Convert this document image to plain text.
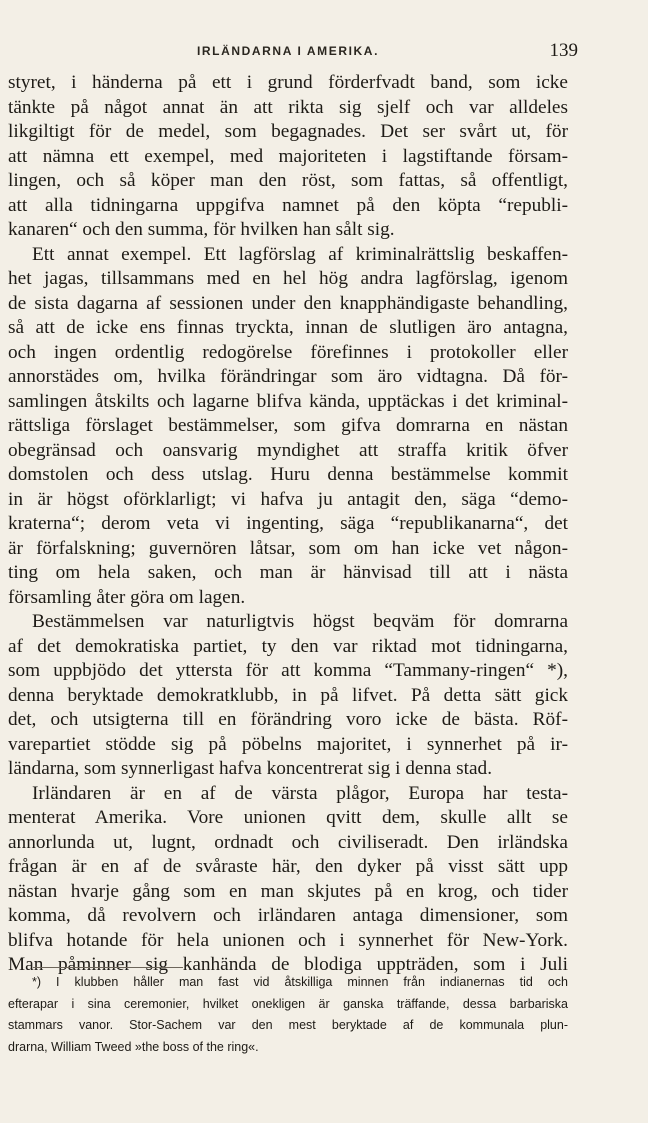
IRLÄNDARNA I AMERIKA.	139
styret, i händerna på ett i grund förderfvadt band, som icke
tänkte på något annat än att rikta sig sjelf och var alldeles
likgiltigt för de medel, som begagnades. Det ser svårt ut, för
att nämna ett exempel, med majoriteten i lagstiftande försam-
lingen, och så köper man den röst, som fattas, så offentligt,
att alla tidningarna uppgifva namnet på den köpta “republi-
kanaren“ och den summa, för hvilken han sålt sig.
Ett annat exempel. Ett lagförslag af kriminalrättslig beskaffen-
het jagas, tillsammans med en hel hög andra lagförslag, igenom
de sista dagarna af sessionen under den knapphändigaste behandling,
så att de icke ens finnas tryckta, innan de slutligen äro antagna,
och ingen ordentlig redogörelse förefinnes i protokoller eller
annorstädes om, hvilka förändringar som äro vidtagna. Då för-
samlingen åtskilts och lagarne blifva kända, upptäckas i det kriminal-
rättsliga förslaget bestämmelser, som gifva domrarna en nästan
obegränsad och oansvarig myndighet att straffa kritik öfver
domstolen och dess utslag. Huru denna bestämmelse kommit
in är högst oförklarligt; vi hafva ju antagit den, säga “demo-
kraterna“; derom veta vi ingenting, säga “republikanarna“, det
är förfalskning; guvernören låtsar, som om han icke vet någon-
ting om hela saken, och man är hänvisad till att i nästa
församling åter göra om lagen.
Bestämmelsen var naturligtvis högst beqväm för domrarna
af det demokratiska partiet, ty den var riktad mot tidningarna,
som uppbjödo det yttersta för att komma “Tammany-ringen“ *),
denna beryktade demokratklubb, in på lifvet. På detta sätt gick
det, och utsigterna till en förändring voro icke de bästa. Röf-
varepartiet stödde sig på pöbelns majoritet, i synnerhet på ir-
ländarna, som synnerligast hafva koncentrerat sig i denna stad.
Irländaren är en af de värsta plågor, Europa har testa-
menterat Amerika. Vore unionen qvitt dem, skulle allt se
annorlunda ut, lugnt, ordnadt och civiliseradt. Den irländska
frågan är en af de svåraste här, den dyker på visst sätt upp
nästan hvarje gång som en man skjutes på en krog, och tider
komma, då revolvern och irländaren antaga dimensioner, som
blifva hotande för hela unionen och i synnerhet för New-York.
Man påminner sig kanhända de blodiga uppträden, som i Juli
*) I klubben håller man fast vid åtskilliga minnen från indianernas tid och
efterapar i sina ceremonier, hvilket onekligen är ganska träffande, dessa barbariska
stammars vanor. Stor-Sachem var den mest beryktade af de kommunala plun-
drarna, William Tweed »the boss of the ring«.
